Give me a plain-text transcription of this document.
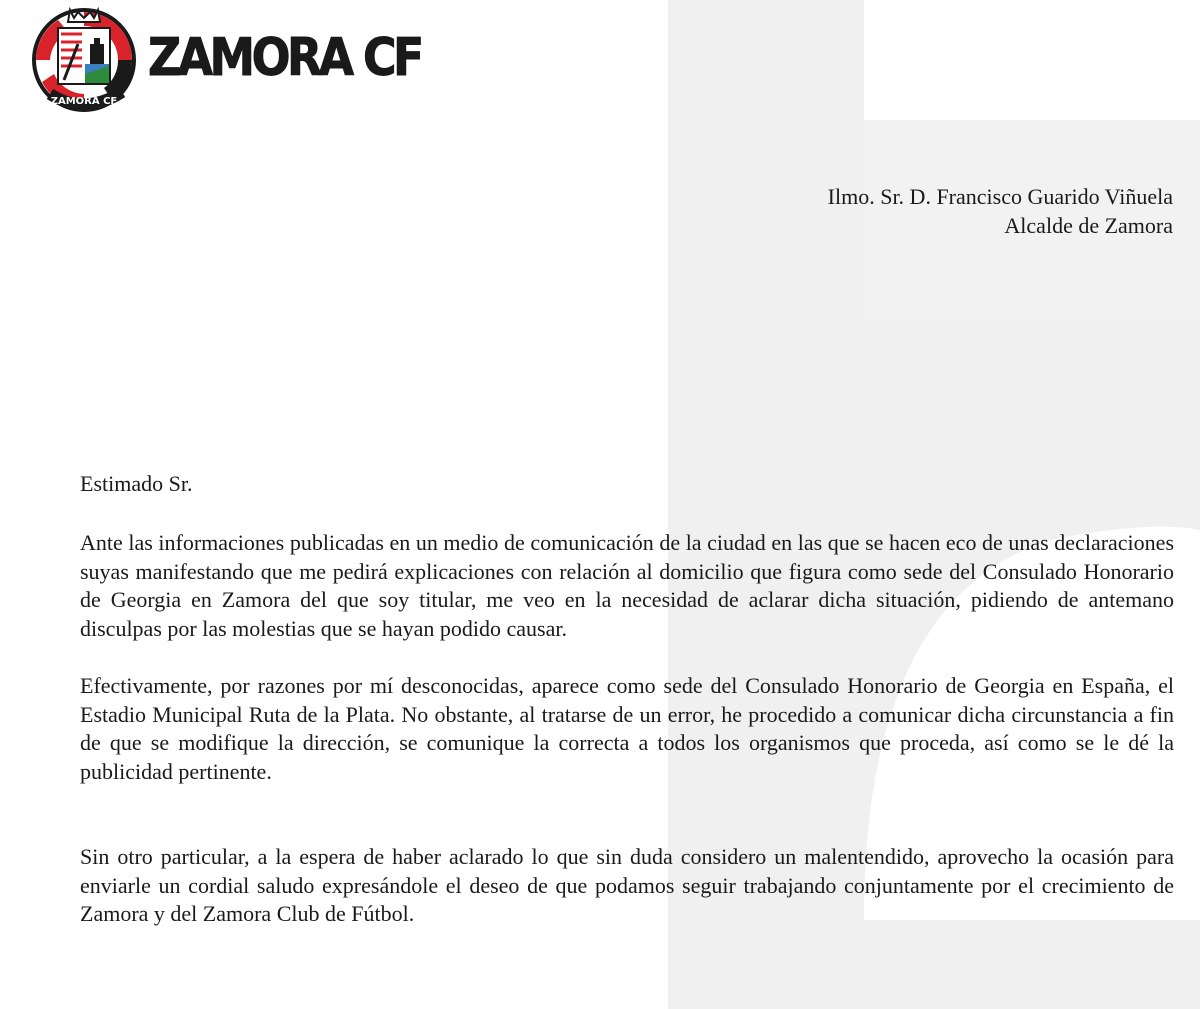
ZAMORA CF
ZAMORA CF
Ilmo. Sr. D. Francisco Guarido Viñuela
Alcalde de Zamora
Estimado Sr.

Ante las informaciones publicadas en un medio de comunicación de la ciudad en las que se hacen eco de unas declaraciones suyas manifestando que me pedirá explicaciones con relación al domicilio que figura como sede del Consulado Honorario de Georgia en Zamora del que soy titular, me veo en la necesidad de aclarar dicha situación, pidiendo de antemano disculpas por las molestias que se hayan podido causar.

Efectivamente, por razones por mí desconocidas, aparece como sede del Consulado Honorario de Georgia en España, el Estadio Municipal Ruta de la Plata. No obstante, al tratarse de un error, he procedido a comunicar dicha circunstancia a fin de que se modifique la dirección, se comunique la correcta a todos los organismos que proceda, así como se le dé la publicidad pertinente.

Sin otro particular, a la espera de haber aclarado lo que sin duda considero un malentendido, aprovecho la ocasión para enviarle un cordial saludo expresándole el deseo de que podamos seguir trabajando conjuntamente por el crecimiento de Zamora y del Zamora Club de Fútbol.
